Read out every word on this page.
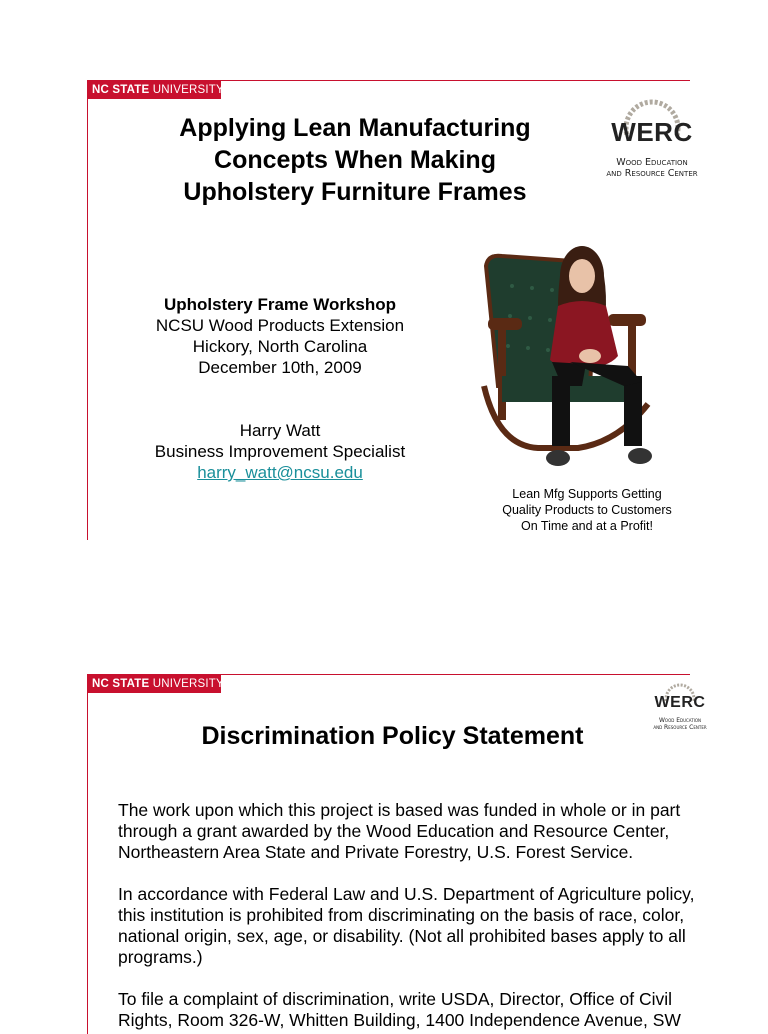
NC STATE UNIVERSITY
Applying Lean Manufacturing
Concepts When Making
Upholstery Furniture Frames
WERC
Wood Education
and Resource Center
Upholstery Frame Workshop
NCSU Wood Products Extension
Hickory, North Carolina
December 10th, 2009
Harry Watt
Business Improvement Specialist
harry_watt@ncsu.edu
Lean Mfg Supports Getting
Quality Products to Customers
On Time and at a Profit!
NC STATE UNIVERSITY
WERC
Wood Education
and Resource Center
Discrimination Policy Statement
The work upon which this project is based was funded in whole or in part through a grant awarded by the Wood Education and Resource Center, Northeastern Area State and Private Forestry, U.S. Forest Service.
In accordance with Federal Law and U.S. Department of Agriculture policy, this institution is prohibited from discriminating on the basis of race, color, national origin, sex, age, or disability. (Not all prohibited bases apply to all programs.)
To file a complaint of discrimination, write USDA, Director, Office of Civil Rights, Room 326-W, Whitten Building, 1400 Independence Avenue, SW
